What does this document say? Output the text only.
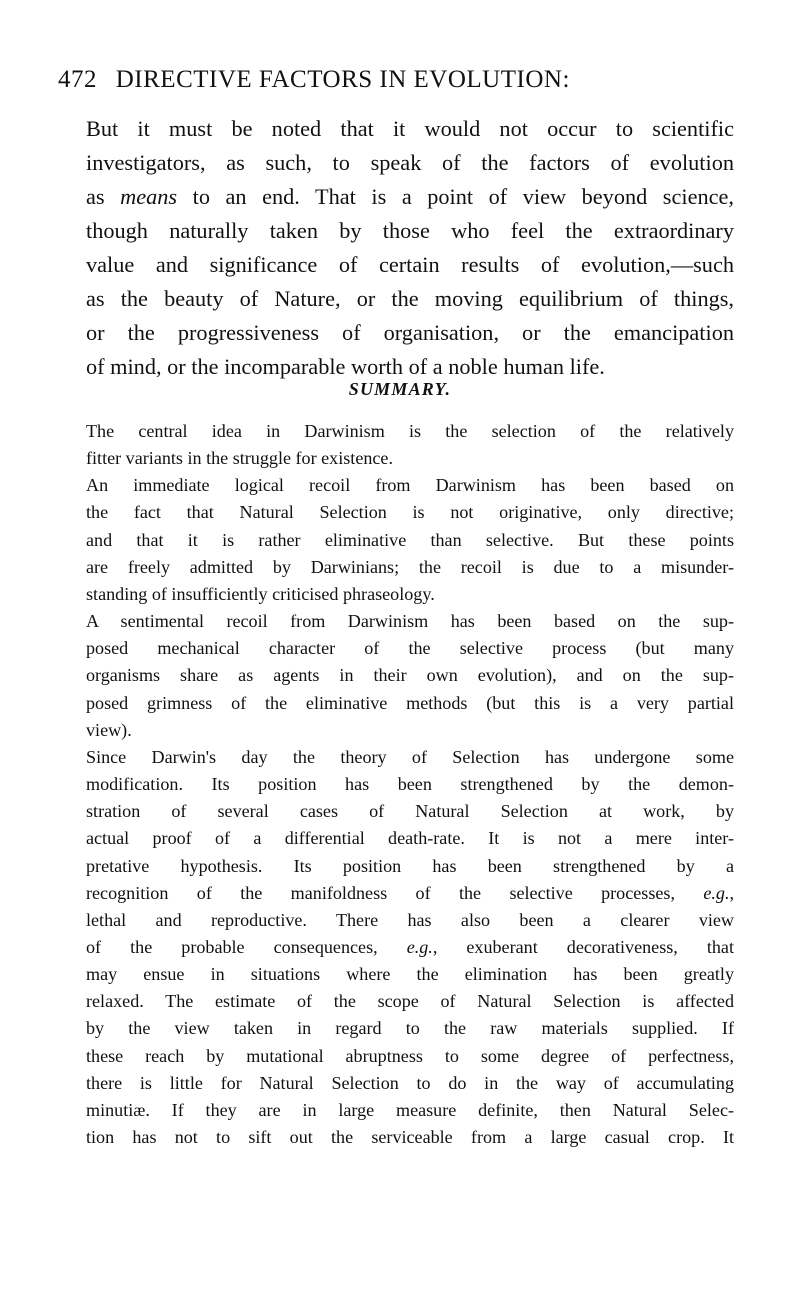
472 DIRECTIVE FACTORS IN EVOLUTION:
But it must be noted that it would not occur to scientific
investigators, as such, to speak of the factors of evolution
as means to an end. That is a point of view beyond science,
though naturally taken by those who feel the extraordinary
value and significance of certain results of evolution,—such
as the beauty of Nature, or the moving equilibrium of things,
or the progressiveness of organisation, or the emancipation
of mind, or the incomparable worth of a noble human life.
SUMMARY.
The central idea in Darwinism is the selection of the relatively
fitter variants in the struggle for existence.
An immediate logical recoil from Darwinism has been based on
the fact that Natural Selection is not originative, only directive;
and that it is rather eliminative than selective. But these points
are freely admitted by Darwinians; the recoil is due to a misunder-
standing of insufficiently criticised phraseology.
A sentimental recoil from Darwinism has been based on the sup-
posed mechanical character of the selective process (but many
organisms share as agents in their own evolution), and on the sup-
posed grimness of the eliminative methods (but this is a very partial
view).
Since Darwin's day the theory of Selection has undergone some
modification. Its position has been strengthened by the demon-
stration of several cases of Natural Selection at work, by
actual proof of a differential death-rate. It is not a mere inter-
pretative hypothesis. Its position has been strengthened by a
recognition of the manifoldness of the selective processes, e.g.,
lethal and reproductive. There has also been a clearer view
of the probable consequences, e.g., exuberant decorativeness, that
may ensue in situations where the elimination has been greatly
relaxed. The estimate of the scope of Natural Selection is affected
by the view taken in regard to the raw materials supplied. If
these reach by mutational abruptness to some degree of perfectness,
there is little for Natural Selection to do in the way of accumulating
minutiæ. If they are in large measure definite, then Natural Selec-
tion has not to sift out the serviceable from a large casual crop. It
